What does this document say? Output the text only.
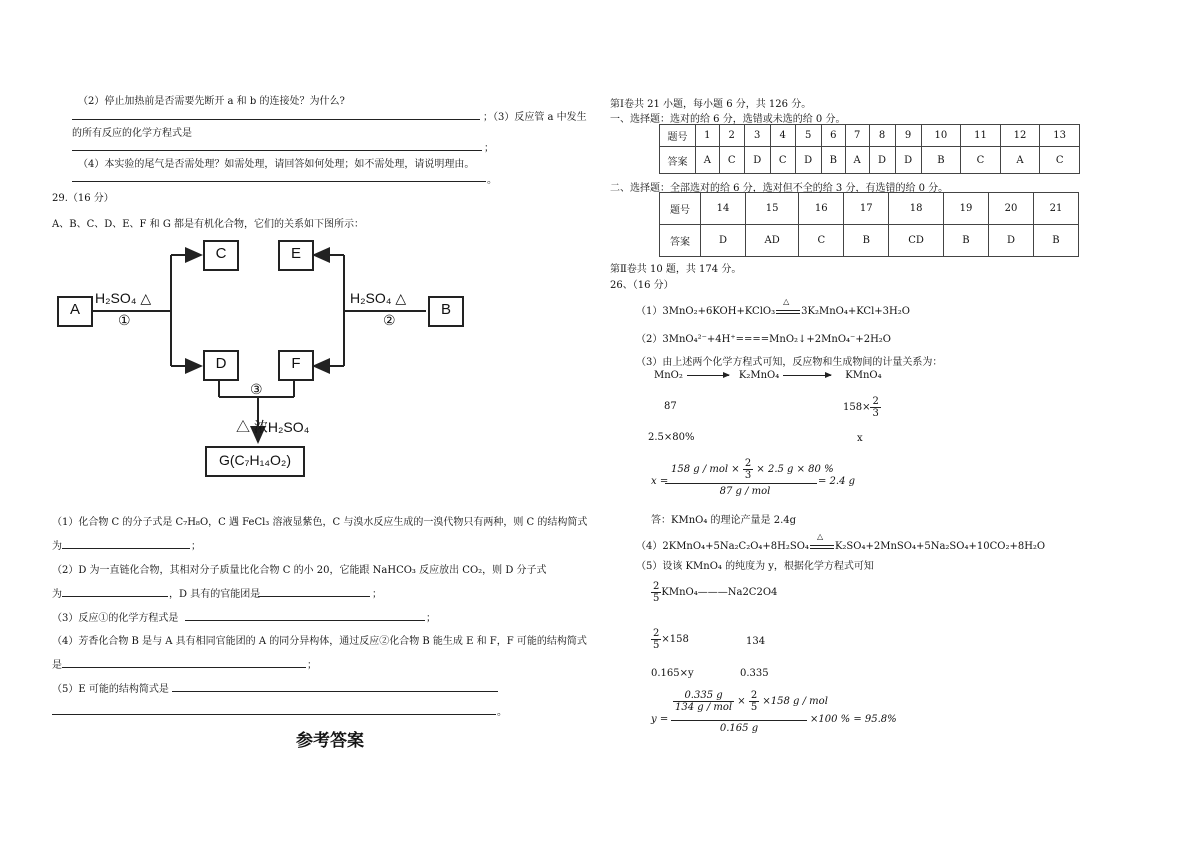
（2）停止加热前是否需要先断开 a 和 b 的连接处？为什么?
；（3）反应管 a 中发生
的所有反应的化学方程式是
；
（4）本实验的尾气是否需处理？如需处理，请回答如何处理；如不需处理，请说明理由。
。
29.（16 分）
A、B、C、D、E、F 和 G 都是有机化合物，它们的关系如下图所示：
A
C	E
B
D	F
G(C₇H₁₄O₂)
H₂SO₄ △
①
H₂SO₄ △
②
③
△ 浓H₂SO₄
（1）化合物 C 的分子式是 C₇H₈O，C 遇 FeCl₃ 溶液显紫色，C 与溴水反应生成的一溴代物只有两种，则 C 的结构简式
为	；
（2）D 为一直链化合物，其相对分子质量比化合物 C 的小 20，它能跟 NaHCO₃ 反应放出 CO₂，则 D 分子式
为	，D 具有的官能团是	；
（3）反应①的化学方程式是	；
（4）芳香化合物 B 是与 A 具有相同官能团的 A 的同分异构体，通过反应②化合物 B 能生成 E 和 F，F 可能的结构简式
是	；
（5）E 可能的结构简式是
。
参考答案
第Ⅰ卷共 21 小题，每小题 6 分，共 126 分。
一、选择题：选对的给 6 分，选错或未选的给 0 分。
题号	1	2	3	4	5	6	7	8	9	10	11	12	13
答案	A	C	D	C	D	B	A	D	D	B	C	A	C
二、选择题：全部选对的给 6 分，选对但不全的给 3 分，有选错的给 0 分。
题号	14	15	16	17	18	19	20	21
答案	D	AD	C	B	CD	B	D	B
第Ⅱ卷共 10 题，共 174 分。
26、（16 分）
（1）3MnO₂+6KOH+KClO₃
△
3K₂MnO₄+KCl+3H₂O
（2）3MnO₄²⁻+4H⁺====MnO₂↓+2MnO₄⁻+2H₂O
（3）由上述两个化学方程式可知，反应物和生成物间的计量关系为：
MnO₂	K₂MnO₄	KMnO₄
87	$158\times \frac{2}{3}$
2.5×80%	x
x =
158 g / mol × $\frac{2}{3} \times 2.5$ g × 80 %
87 g / mol
= 2.4 g
答：KMnO₄ 的理论产量是 2.4g
（4）2KMnO₄+5Na₂C₂O₄+8H₂SO₄
△
K₂SO₄+2MnSO₄+5Na₂SO₄+10CO₂+8H₂O
（5）设该 KMnO₄ 的纯度为 y，根据化学方程式可知
$\frac{2}{5}$ KMnO₄———Na2C2O4
$\frac{2}{5} \times 158$	134
0.165×y	0.335
y =
$\frac{0.335 g}{\text{134 g / mol}} \times \frac{2}{5} \times 158$ g / mol
0.165 g
×100 % = 95.8%
